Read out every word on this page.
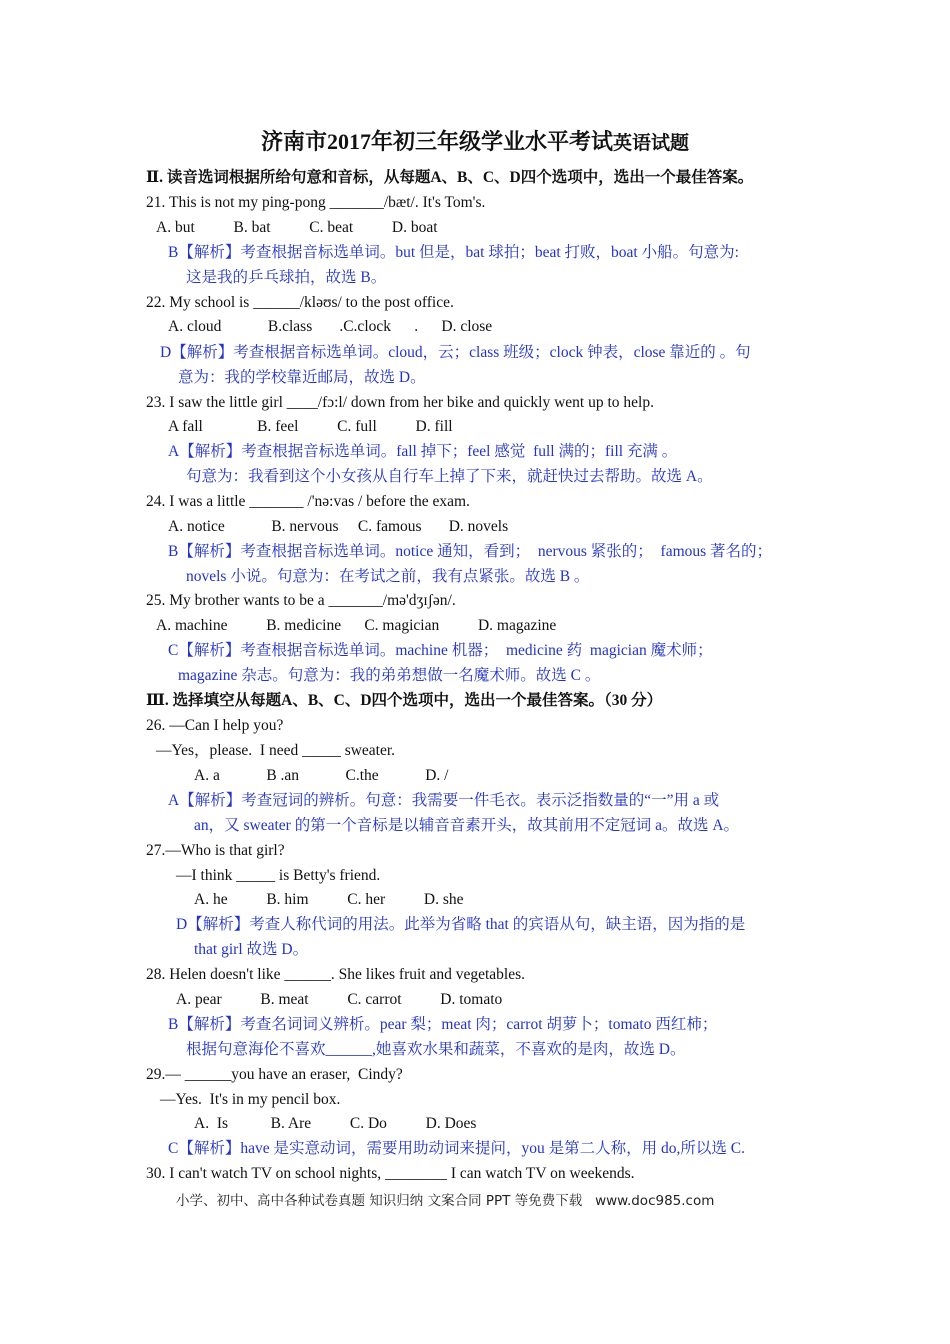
济南市2017年初三年级学业水平考试英语试题
Ⅱ. 读音选词根据所给句意和音标，从每题A、B、C、D四个选项中，选出一个最佳答案。
21. This is not my ping-pong _______/bæt/. It's Tom's.
A. but          B. bat          C. beat          D. boat
B【解析】考查根据音标选单词。but 但是，bat 球拍；beat 打败，boat 小船。句意为:
这是我的乒乓球拍，故选 B。
22. My school is ______/kləʊs/ to the post office.
A. cloud            B.class       .C.clock      .      D. close
D【解析】考查根据音标选单词。cloud，云；class 班级；clock 钟表，close 靠近的 。句
意为：我的学校靠近邮局，故选 D。
23. I saw the little girl ____/fɔ:l/ down from her bike and quickly went up to help.
A fall              B. feel          C. full          D. fill
A【解析】考查根据音标选单词。fall 掉下；feel 感觉  full 满的；fill 充满 。
句意为：我看到这个小女孩从自行车上掉了下来，就赶快过去帮助。故选 A。
24. I was a little _______ /'nə:vas / before the exam.
A. notice            B. nervous     C. famous       D. novels
B【解析】考查根据音标选单词。notice 通知，看到；  nervous 紧张的；  famous 著名的；
novels 小说。句意为：在考试之前，我有点紧张。故选 B 。
25. My brother wants to be a _______/mə'dʒɪʃən/.
A. machine          B. medicine      C. magician          D. magazine
C【解析】考查根据音标选单词。machine 机器；  medicine 药  magician 魔术师；
magazine 杂志。句意为：我的弟弟想做一名魔术师。故选 C 。
Ⅲ. 选择填空从每题A、B、C、D四个选项中，选出一个最佳答案。（30 分）
26. —Can I help you?
—Yes，please.  I need _____ sweater.
A. a            B .an            C.the            D. /
A【解析】考查冠词的辨析。句意：我需要一件毛衣。表示泛指数量的“一”用 a 或
an，又 sweater 的第一个音标是以辅音音素开头，故其前用不定冠词 a。故选 A。
27.—Who is that girl?
—I think _____ is Betty's friend.
A. he          B. him          C. her          D. she
D【解析】考查人称代词的用法。此举为省略 that 的宾语从句，缺主语，因为指的是
that girl 故选 D。
28. Helen doesn't like ______. She likes fruit and vegetables.
A. pear          B. meat          C. carrot          D. tomato
B【解析】考查名词词义辨析。pear 梨；meat 肉；carrot 胡萝卜；tomato 西红柿；
根据句意海伦不喜欢______,她喜欢水果和蔬菜，不喜欢的是肉，故选 D。
29.— ______you have an eraser,  Cindy?
—Yes.  It's in my pencil box.
A.  Is           B. Are          C. Do          D. Does
C【解析】have 是实意动词，需要用助动词来提问，you 是第二人称，用 do,所以选 C.
30. I can't watch TV on school nights, ________ I can watch TV on weekends.
小学、初中、高中各种试卷真题 知识归纳 文案合同 PPT 等免费下载   www.doc985.com
